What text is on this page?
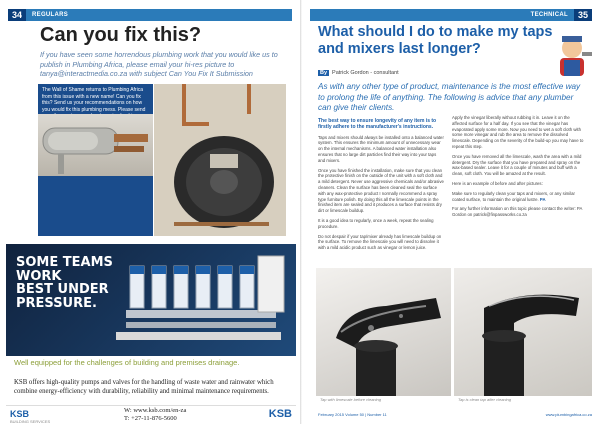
34	REGULARS
Can you fix this?
If you have seen some horrendous plumbing work that you would like us to publish in Plumbing Africa, please email your hi-res picture to tanya@interactmedia.co.za with subject Can You Fix It Submission
The Wall of Shame returns to Plumbing Africa from this issue with a new name! Can you fix this? Send us your recommendations on how you would fix this plumbing mess. Please send
SOME TEAMS
WORK
BEST UNDER
PRESSURE.
Well equipped for the challenges of building and premises drainage.
KSB offers high-quality pumps and valves for the handling of waste water and rainwater which combine energy-efficiency with durability, reliability and minimal maintenance requirements.
KSB
BUILDING SERVICES
W: www.ksb.com/en-za
T: +27-11-876-5600	KSB
TECHNICAL	35
What should I do to make my taps and mixers last longer?
By Patrick Gordon - consultant
As with any other type of product, maintenance is the most effective way to prolong the life of anything. The following is advice that any plumber can give their clients.

The best way to ensure longevity of any item is to firstly adhere to the manufacturer's instructions.

Taps and mixers should always be installed onto a balanced water system. This ensures the minimum amount of unnecessary wear on the internal mechanisms. A balanced water installation also ensures that no large dirt particles find their way into your taps and mixers.

Once you have finished the installation, make sure that you clean the protective finish on the outside of the unit with a soft cloth and a mild detergent. Never use aggressive chemicals and/or abrasive cleaners. Clean the surface has been cleaned seal the surface with any wax-protective product I normally recommend a spray type furniture polish. By doing this all the limescale points in the finished item are sealed and it produces a surface that resists dry dirt or limescale buildup.

It is a good idea to regularly, once a week, repeat the sealing procedure.

Do not despair if your tap/mixer already has limescale buildup on the surface. To remove the limescale you will need to dissolve it with a mild acidic product such as vinegar or lemon juice.

Apply the vinegar liberally without rubbing it in. Leave it on the affected surface for a half day. If you see that the vinegar has evaporated apply some more. Now you need to wet a soft cloth with some more vinegar and rub the area to remove the dissolved limescale. Depending on the severity of the build-up you may have to repeat this step.

Once you have removed all the limescale, wash the area with a mild detergent. Dry the surface that you have prepared and spray on the wax-based sealer. Leave it for a couple of minutes and buff with a clean, soft cloth. You will be amazed at the result.

Here is an example of before and after pictures:

Make sure to regularly clean your taps and mixers, or any similar coated surface, to maintain the original lustre. PA

For any further information on this topic please contact the writer: PA Gordon on patrick@finpassworks.co.za

Tap with limescale before cleaning	Tap is clean tap after cleaning
February 2015 Volume 50 | Number 11	www.plumbingafrica.co.za
